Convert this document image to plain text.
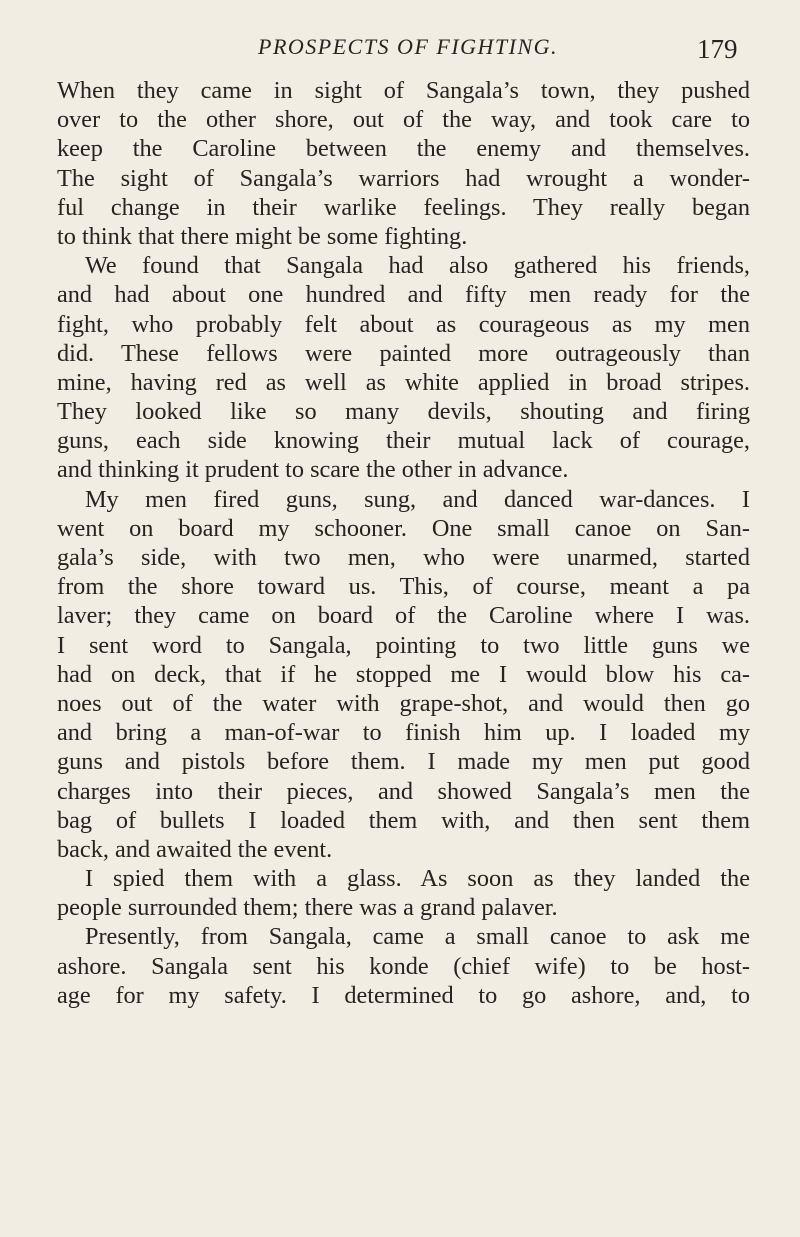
PROSPECTS OF FIGHTING.	179
When they came in sight of Sangala’s town, they pushed
over to the other shore, out of the way, and took care to
keep the Caroline between the enemy and themselves.
The sight of Sangala’s warriors had wrought a wonder-
ful change in their warlike feelings. They really began
to think that there might be some fighting.
We found that Sangala had also gathered his friends,
and had about one hundred and fifty men ready for the
fight, who probably felt about as courageous as my men
did. These fellows were painted more outrageously than
mine, having red as well as white applied in broad stripes.
They looked like so many devils, shouting and firing
guns, each side knowing their mutual lack of courage,
and thinking it prudent to scare the other in advance.
My men fired guns, sung, and danced war-dances. I
went on board my schooner. One small canoe on San-
gala’s side, with two men, who were unarmed, started
from the shore toward us. This, of course, meant a pa
laver; they came on board of the Caroline where I was.
I sent word to Sangala, pointing to two little guns we
had on deck, that if he stopped me I would blow his ca-
noes out of the water with grape-shot, and would then go
and bring a man-of-war to finish him up. I loaded my
guns and pistols before them. I made my men put good
charges into their pieces, and showed Sangala’s men the
bag of bullets I loaded them with, and then sent them
back, and awaited the event.
I spied them with a glass. As soon as they landed the
people surrounded them; there was a grand palaver.
Presently, from Sangala, came a small canoe to ask me
ashore. Sangala sent his konde (chief wife) to be host-
age for my safety. I determined to go ashore, and, to
